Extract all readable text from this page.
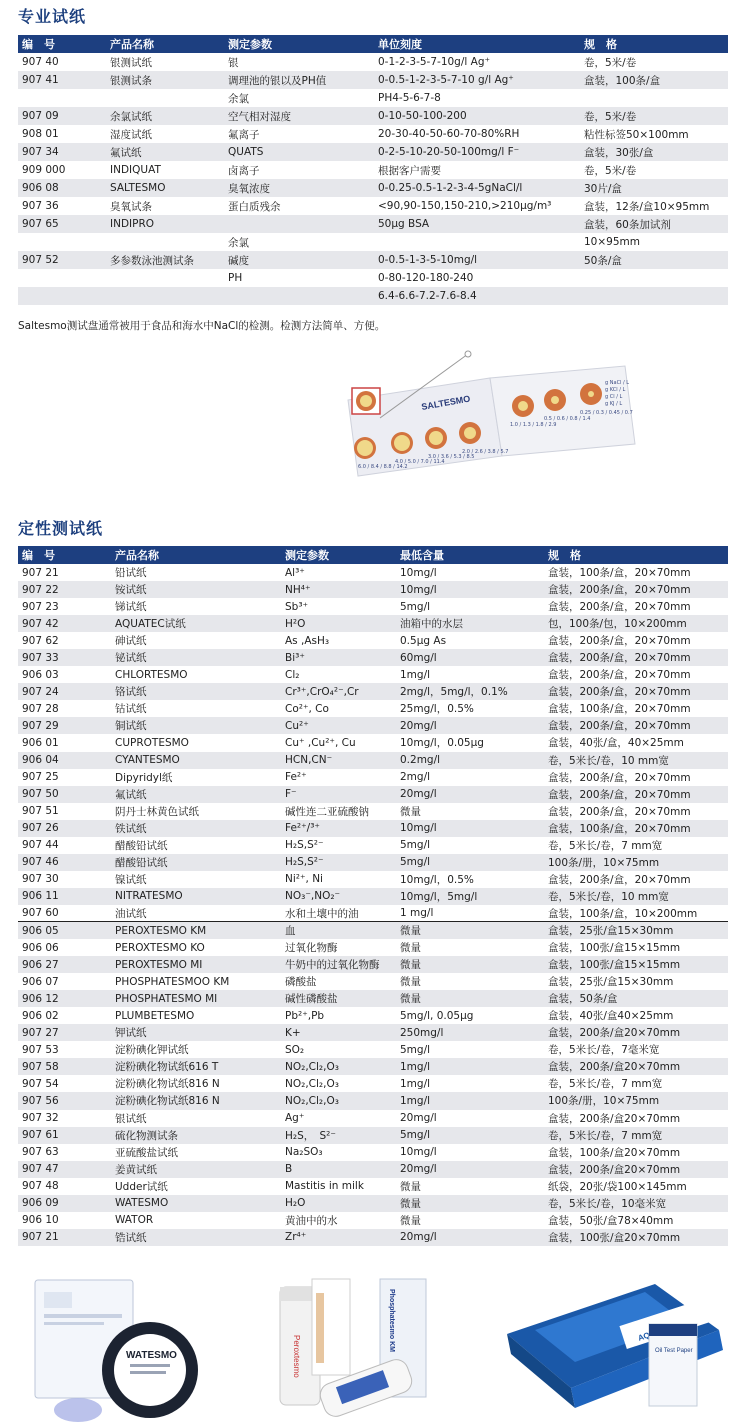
专业试纸
编　号	产品名称	测定参数	单位刻度	规　格
907 40	银测试纸	银	0-1-2-3-5-7-10g/l Ag⁺	卷，5米/卷
907 41	银测试条	调理池的银以及PH值	0-0.5-1-2-3-5-7-10 g/l Ag⁺	盒装，100条/盒
		余氯	PH4-5-6-7-8	
907 09	余氯试纸	空气相对湿度	0-10-50-100-200	卷，5米/卷
908 01	湿度试纸	氟离子	20-30-40-50-60-70-80%RH	粘性标签50×100mm
907 34	氟试纸	QUATS	0-2-5-10-20-50-100mg/l F⁻	盒装，30张/盒
909 000	INDIQUAT	卤离子	根据客户需要	卷，5米/卷
906 08	SALTESMO	臭氧浓度	0-0.25-0.5-1-2-3-4-5gNaCl/l	30片/盒
907 36	臭氧试条	蛋白质残余	<90,90-150,150-210,>210μg/m³	盒装，12条/盒10×95mm
907 65	INDIPRO		50μg BSA	盒装，60条加试剂
		余氯		10×95mm
907 52	多参数泳池测试条	碱度	0-0.5-1-3-5-10mg/l	50条/盒
		PH	0-80-120-180-240	
			6.4-6.6-7.2-7.6-8.4	
Saltesmo测试盘通常被用于食品和海水中NaCl的检测。检测方法简单、方便。
SALTESMO
6.0 / 8.4 / 8.8 / 14.2
4.0 / 5.0 / 7.0 / 11.4
3.0 / 3.6 / 5.3 / 8.5
2.0 / 2.6 / 3.8 / 5.7
1.0 / 1.3 / 1.8 / 2.9
0.5 / 0.6 / 0.8 / 1.4
0.25 / 0.3 / 0.45 / 0.7
g NaCl / L
g KCl / L
g Cl / L
g KJ / L
定性测试纸
编　号	产品名称	测定参数	最低含量	规　格
907 21	铅试纸	Al³⁺	10mg/l	盒装，100条/盒，20×70mm
907 22	铵试纸	NH⁴⁺	10mg/l	盒装，200条/盒，20×70mm
907 23	锑试纸	Sb³⁺	5mg/l	盒装，200条/盒，20×70mm
907 42	AQUATEC试纸	H²O	油箱中的水层	包，100条/包，10×200mm
907 62	砷试纸	As ,AsH₃	0.5μg As	盒装，200条/盒，20×70mm
907 33	铋试纸	Bi³⁺	60mg/l	盒装，200条/盒，20×70mm
906 03	CHLORTESMO	Cl₂	1mg/l	盒装，200条/盒，20×70mm
907 24	铬试纸	Cr³⁺,CrO₄²⁻,Cr	2mg/l，5mg/l，0.1%	盒装，200条/盒，20×70mm
907 28	钴试纸	Co²⁺, Co	25mg/l，0.5%	盒装，100条/盒，20×70mm
907 29	铜试纸	Cu²⁺	20mg/l	盒装，200条/盒，20×70mm
906 01	CUPROTESMO	Cu⁺ ,Cu²⁺, Cu	10mg/l，0.05μg	盒装，40张/盒，40×25mm
906 04	CYANTESMO	HCN,CN⁻	0.2mg/l	卷，5米长/卷，10 mm宽
907 25	Dipyridyl纸	Fe²⁺	2mg/l	盒装，200条/盒，20×70mm
907 50	氟试纸	F⁻	20mg/l	盒装，200条/盒，20×70mm
907 51	阴丹士林黄色试纸	碱性连二亚硫酸钠	微量	盒装，200条/盒，20×70mm
907 26	铁试纸	Fe²⁺/³⁺	10mg/l	盒装，100条/盒，20×70mm
907 44	醋酸铅试纸	H₂S,S²⁻	5mg/l	卷，5米长/卷，7 mm宽
907 46	醋酸铅试纸	H₂S,S²⁻	5mg/l	100条/册，10×75mm
907 30	镍试纸	Ni²⁺, Ni	10mg/l，0.5%	盒装，200条/盒，20×70mm
906 11	NITRATESMO	NO₃⁻,NO₂⁻	10mg/l，5mg/l	卷，5米长/卷，10 mm宽
907 60	油试纸	水和土壤中的油	1 mg/l	盒装，100条/盒，10×200mm
906 05	PEROXTESMO KM	血	微量	盒装，25张/盒15×30mm
906 06	PEROXTESMO KO	过氧化物酶	微量	盒装，100张/盒15×15mm
906 27	PEROXTESMO MI	牛奶中的过氧化物酶	微量	盒装，100张/盒15×15mm
906 07	PHOSPHATESMOO KM	磷酸盐	微量	盒装，25张/盒15×30mm
906 12	PHOSPHATESMO MI	碱性磷酸盐	微量	盒装，50条/盒
906 02	PLUMBETESMO	Pb²⁺,Pb	5mg/l, 0.05μg	盒装，40张/盒40×25mm
907 27	钾试纸	K+	250mg/l	盒装，200条/盒20×70mm
907 53	淀粉碘化钾试纸	SO₂	5mg/l	卷，5米长/卷，7毫米宽
907 58	淀粉碘化物试纸616 T	NO₂,Cl₂,O₃	1mg/l	盒装，200条/盒20×70mm
907 54	淀粉碘化物试纸816 N	NO₂,Cl₂,O₃	1mg/l	卷，5米长/卷，7 mm宽
907 56	淀粉碘化物试纸816 N	NO₂,Cl₂,O₃	1mg/l	100条/册，10×75mm
907 32	银试纸	Ag⁺	20mg/l	盒装，200条/盒20×70mm
907 61	硫化物测试条	H₂S，　S²⁻	5mg/l	卷，5米长/卷，7 mm宽
907 63	亚硫酸盐试纸	Na₂SO₃	10mg/l	盒装，100条/盒20×70mm
907 47	姜黄试纸	B	20mg/l	盒装，200条/盒20×70mm
907 48	Udder试纸	Mastitis in milk	微量	纸袋，20张/袋100×145mm
906 09	WATESMO	H₂O	微量	卷，5米长/卷，10毫米宽
906 10	WATOR	黄油中的水	微量	盒装，50张/盒78×40mm
907 21	锆试纸	Zr⁴⁺	20mg/l	盒装，100张/盒20×70mm
WATESMO	Peroxtesmo
Phosphatesmo KM	Oil Test Paper
